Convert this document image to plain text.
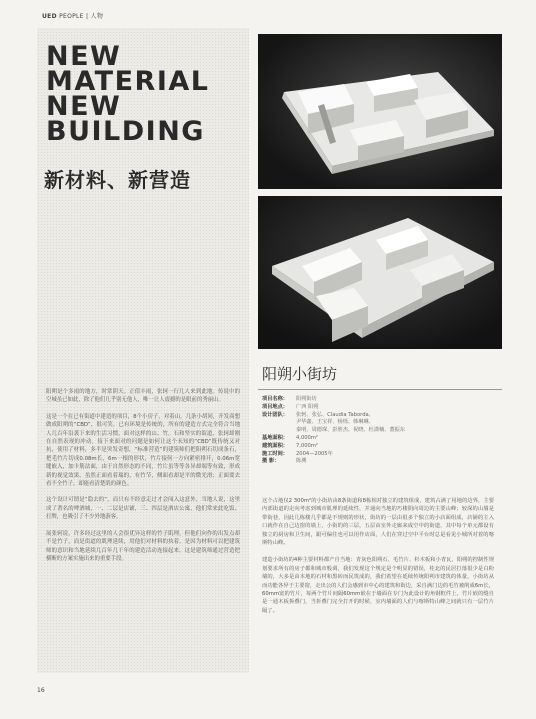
UED PEOPLE | 人物
NEW
MATERIAL
NEW
BUILDING
新材料、新营造

阳朔是个多雨的地方，时常阴天。正值丰雨，张轲一行几人来到此地。传说中的空城虽已如此，除了他们几乎别无他人，唯一让人震撼的是眼前的秀丽山。

这是一个在已有街道中建造的项目，8个小房子，对着山。几条小胡同，开发商想做成阳朔的“CBD”，很可笑。已有环境是传统的，所有的建造方式完全符合当地人几百年沿袭下来的生活习惯，面对这样的山、竹，石和坚实的街道，张轲却刚在自然表现的冲动。接下来面对的问题是如何让这个未知的“CBD”既传统又对抗，使用了材料，多半是突发奇想，“标准营造”的建筑师们把阳朔石切成条石，把毛竹片切成0.08m长，6m一根的形状，竹片接何一方向紧密排开，0.06m宽缝嵌入，加卡筋法面，由于自然形态的不同，竹片虽等等各异却端等有致，形成新的视觉效果。虽然正面看着瑞的，有竹节，侧面看却是平的微光滑；正面要去看不全竹子，却能看清楚肌的颜色。

这个设计可谓是“隐去的”，而只有不经意走过才会闯入这意外，当地人说，这里成了著名的啤酒城，一、二层是店铺，三、四层是酒店公寓，他们常来此吃饭、打牌，也吸引了不少外地游客。

展张轲说，许多经过这里的人会很优异这样的竹子肌理，但他们向作的出发点却不是竹子，而是街道的肌理延续，用他们对材料的执着，是因为材料可以把建筑师的意识和当地延续几百年几千年的建造活动连接起来。这是建筑师通过营造把横断的方案实施出来的重要手段。

阳朔小街坊
项目名称：	阳朔街坊
项目地点：	广西 阳朔
设计团队：	张轲、张弘、Claudia Taborda、
尹华鑫、王宝祥、杨烁、韩琳琳、
秦明、周德琛、彭胜杰、祝晓、杜潇楠、董振东
基地面积：	4,000m²
建筑面积：	7,000m²
施工时间：	2004—2005年
摄 影：	陈溯

这个占地仅2 300m²的小街坊由8条街道和8栋相对独立的建筑组成，建筑占满了用地的边界，主要内部街道的走向考虑到城市肌理的延续性，并通向当地的巧楼阴向周边的主要山峰；较深的山墙是带街巷，因此几栋楼几乎都是不规则的形状，街坊的一层由很多个独立的小店面组成，店铺的主入口就作在自己边窗的墙上，小街的的三层，五层由室外走廊来成空中的街道，其中每个单元都设有独立的厨房和卫生间，跟可偏往也可以用作店面，人们在穿过空中平台时总是看见小城所对着的喀斯特山峰。

建造小街坊的4种主要材料都产自当地：青灰色阳朔石、毛竹片、杉木板和小青瓦，阳朔的控制性规划要求所有的房子都和城市般调，我们发现这个规定是个明显的错误，桂北的民居打落很少是白粉墙的，大多是由本地的石材和黑砖而民筑成的，我们希望在延续传统阳朔市建筑的体量，小街坊从而功能各异于主要窗，走出公的人们会感到市中心的建筑和街边，采自满门边的毛竹被削成6m长，60mm宽的竹片，每两个竹片间隔60mm嵌在于墙面在专门为此设计的角钢框件上，竹片嵌的缝自是一通木板拆叠门，当折叠门完全打开的时候，室内墙面的人们与喀斯特山峰之间就只有一层竹片隔了。

16
